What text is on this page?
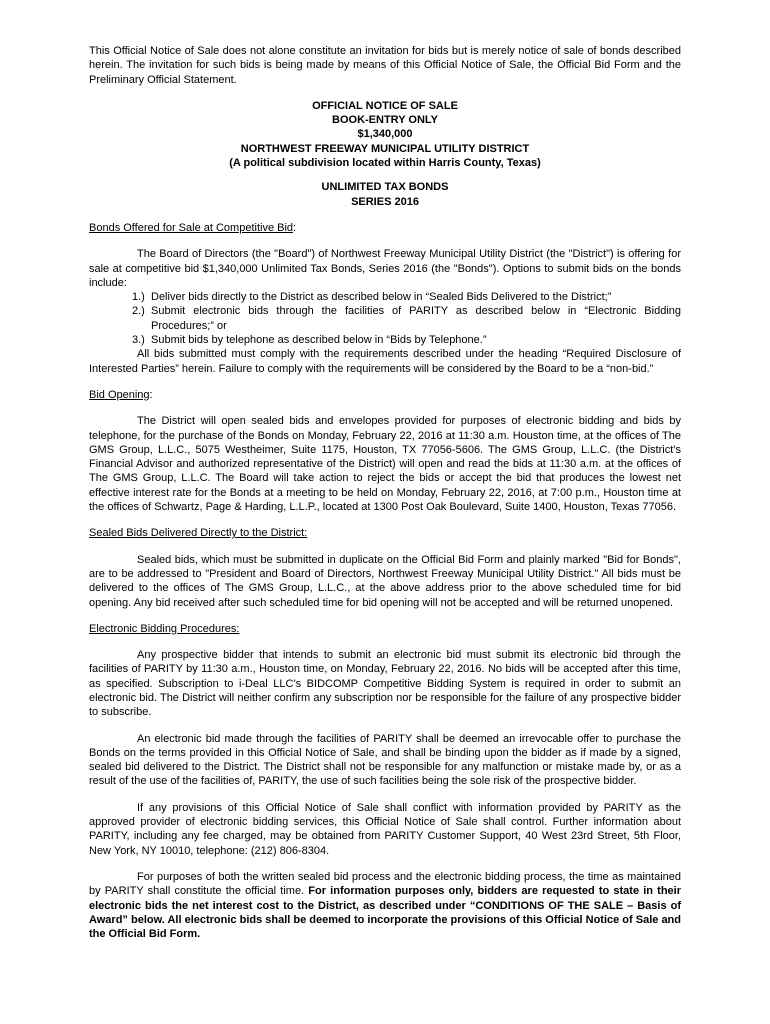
This Official Notice of Sale does not alone constitute an invitation for bids but is merely notice of sale of bonds described herein. The invitation for such bids is being made by means of this Official Notice of Sale, the Official Bid Form and the Preliminary Official Statement.

OFFICIAL NOTICE OF SALE

BOOK-ENTRY ONLY

$1,340,000

NORTHWEST FREEWAY MUNICIPAL UTILITY DISTRICT

(A political subdivision located within Harris County, Texas)

UNLIMITED TAX BONDS

SERIES 2016

Bonds Offered for Sale at Competitive Bid:

The Board of Directors (the "Board") of Northwest Freeway Municipal Utility District (the "District") is offering for sale at competitive bid $1,340,000 Unlimited Tax Bonds, Series 2016 (the "Bonds"). Options to submit bids on the bonds include:

1.) Deliver bids directly to the District as described below in “Sealed Bids Delivered to the District;”
2.) Submit electronic bids through the facilities of PARITY as described below in “Electronic Bidding Procedures;” or
3.) Submit bids by telephone as described below in “Bids by Telephone.”

All bids submitted must comply with the requirements described under the heading “Required Disclosure of Interested Parties” herein. Failure to comply with the requirements will be considered by the Board to be a “non-bid.”

Bid Opening:

The District will open sealed bids and envelopes provided for purposes of electronic bidding and bids by telephone, for the purchase of the Bonds on Monday, February 22, 2016 at 11:30 a.m. Houston time, at the offices of The GMS Group, L.L.C., 5075 Westheimer, Suite 1175, Houston, TX 77056-5606. The GMS Group, L.L.C. (the District’s Financial Advisor and authorized representative of the District) will open and read the bids at 11:30 a.m. at the offices of The GMS Group, L.L.C. The Board will take action to reject the bids or accept the bid that produces the lowest net effective interest rate for the Bonds at a meeting to be held on Monday, February 22, 2016, at 7:00 p.m., Houston time at the offices of Schwartz, Page & Harding, L.L.P., located at 1300 Post Oak Boulevard, Suite 1400, Houston, Texas 77056.

Sealed Bids Delivered Directly to the District:

Sealed bids, which must be submitted in duplicate on the Official Bid Form and plainly marked "Bid for Bonds", are to be addressed to "President and Board of Directors, Northwest Freeway Municipal Utility District." All bids must be delivered to the offices of The GMS Group, L.L.C., at the above address prior to the above scheduled time for bid opening. Any bid received after such scheduled time for bid opening will not be accepted and will be returned unopened.

Electronic Bidding Procedures:

Any prospective bidder that intends to submit an electronic bid must submit its electronic bid through the facilities of PARITY by 11:30 a.m., Houston time, on Monday, February 22, 2016. No bids will be accepted after this time, as specified. Subscription to i-Deal LLC’s BIDCOMP Competitive Bidding System is required in order to submit an electronic bid. The District will neither confirm any subscription nor be responsible for the failure of any prospective bidder to subscribe.

An electronic bid made through the facilities of PARITY shall be deemed an irrevocable offer to purchase the Bonds on the terms provided in this Official Notice of Sale, and shall be binding upon the bidder as if made by a signed, sealed bid delivered to the District. The District shall not be responsible for any malfunction or mistake made by, or as a result of the use of the facilities of, PARITY, the use of such facilities being the sole risk of the prospective bidder.

If any provisions of this Official Notice of Sale shall conflict with information provided by PARITY as the approved provider of electronic bidding services, this Official Notice of Sale shall control. Further information about PARITY, including any fee charged, may be obtained from PARITY Customer Support, 40 West 23rd Street, 5th Floor, New York, NY 10010, telephone: (212) 806-8304.

For purposes of both the written sealed bid process and the electronic bidding process, the time as maintained by PARITY shall constitute the official time. For information purposes only, bidders are requested to state in their electronic bids the net interest cost to the District, as described under “CONDITIONS OF THE SALE – Basis of Award” below. All electronic bids shall be deemed to incorporate the provisions of this Official Notice of Sale and the Official Bid Form.
